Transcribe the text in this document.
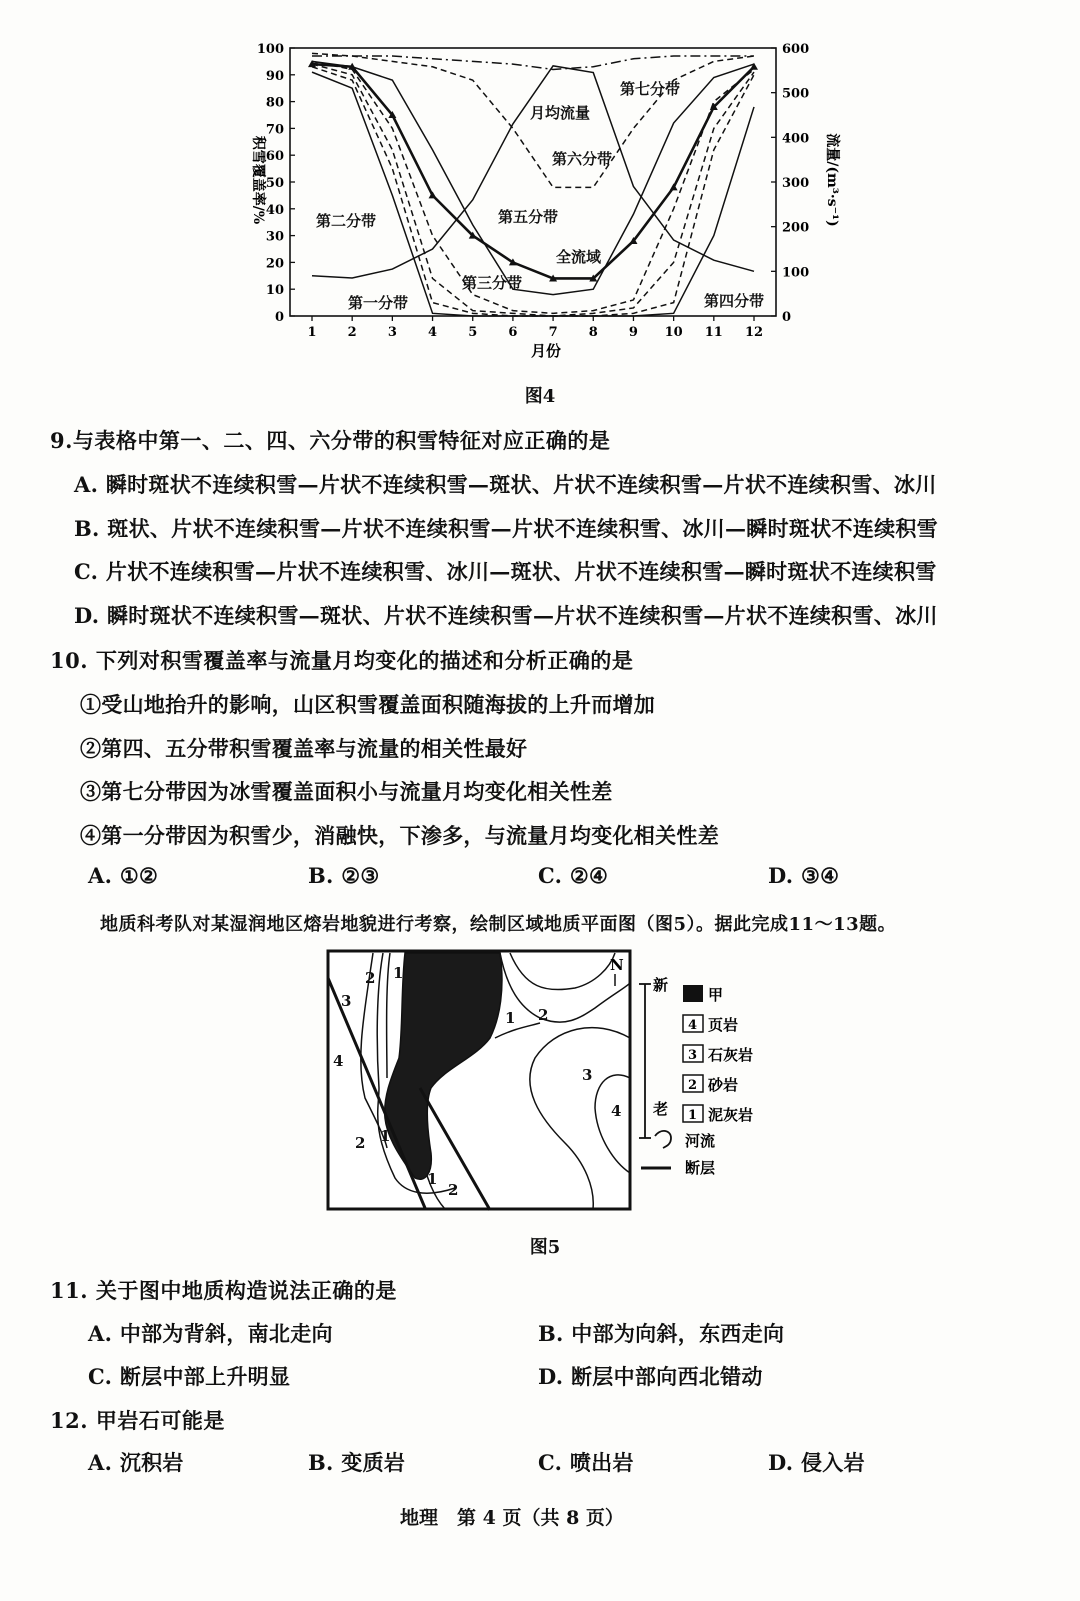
1 2 3 4 5 6 7 8 9 10 11 12
0
10
20
30
40
50
60
70
80
90
100
0
100
200
300
400
500
600
第七分带
月均流量
第六分带
第二分带	第五分带
全流域
第三分带
第一分带	第四分带
积雪覆盖率/%	流量/(m³·s⁻¹)
月份
图4
9.与表格中第一、二、四、六分带的积雪特征对应正确的是
A. 瞬时斑状不连续积雪—片状不连续积雪—斑状、片状不连续积雪—片状不连续积雪、冰川
B. 斑状、片状不连续积雪—片状不连续积雪—片状不连续积雪、冰川—瞬时斑状不连续积雪
C. 片状不连续积雪—片状不连续积雪、冰川—斑状、片状不连续积雪—瞬时斑状不连续积雪
D. 瞬时斑状不连续积雪—斑状、片状不连续积雪—片状不连续积雪—片状不连续积雪、冰川
10. 下列对积雪覆盖率与流量月均变化的描述和分析正确的是
①受山地抬升的影响，山区积雪覆盖面积随海拔的上升而增加
②第四、五分带积雪覆盖率与流量的相关性最好
③第七分带因为冰雪覆盖面积小与流量月均变化相关性差
④第一分带因为积雪少，消融快，下渗多，与流量月均变化相关性差
A. ①②	B. ②③	C. ②④	D. ③④
地质科考队对某湿润地区熔岩地貌进行考察，绘制区域地质平面图（图5）。据此完成11～13题。
1
2
3
4
1 2
3
4
1
2
1
2
N
新
老
甲
4 页岩
3 石灰岩
2 砂岩
1 泥灰岩
河流
断层
图5
11. 关于图中地质构造说法正确的是
A. 中部为背斜，南北走向	B. 中部为向斜，东西走向
C. 断层中部上升明显	D. 断层中部向西北错动
12. 甲岩石可能是
A. 沉积岩	B. 变质岩	C. 喷出岩	D. 侵入岩
地理　第 4 页（共 8 页）
